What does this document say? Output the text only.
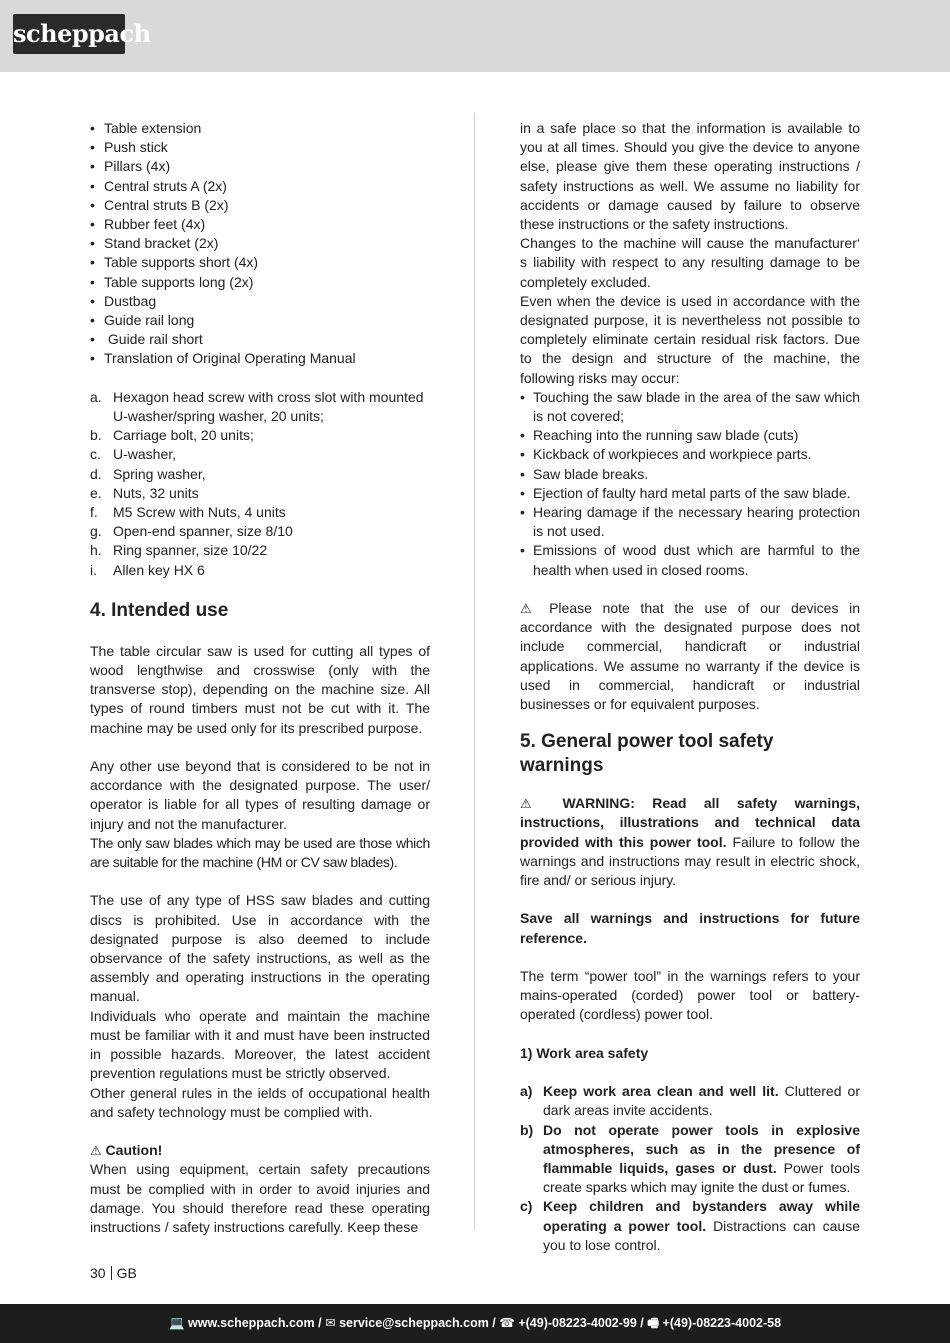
scheppach
• Table extension
• Push stick
• Pillars (4x)
• Central struts A (2x)
• Central struts B (2x)
• Rubber feet (4x)
• Stand bracket (2x)
• Table supports short (4x)
• Table supports long (2x)
• Dustbag
• Guide rail long
•  Guide rail short
• Translation of Original Operating Manual
a. Hexagon head screw with cross slot with mounted U-washer/spring washer, 20 units;
b. Carriage bolt, 20 units;
c. U-washer,
d. Spring washer,
e. Nuts, 32 units
f. M5 Screw with Nuts, 4 units
g. Open-end spanner, size 8/10
h. Ring spanner, size 10/22
i. Allen key HX 6
4. Intended use

The table circular saw is used for cutting all types of wood lengthwise and crosswise (only with the transverse stop), depending on the machine size. All types of round timbers must not be cut with it. The machine may be used only for its prescribed purpose.

Any other use beyond that is considered to be not in accordance with the designated purpose. The user/ operator is liable for all types of resulting damage or injury and not the manufacturer.

The only saw blades which may be used are those which are suitable for the machine (HM or CV saw blades).

The use of any type of HSS saw blades and cutting discs is prohibited. Use in accordance with the designated purpose is also deemed to include observance of the safety instructions, as well as the assembly and operating instructions in the operating manual.

Individuals who operate and maintain the machine must be familiar with it and must have been instructed in possible hazards. Moreover, the latest accident prevention regulations must be strictly observed.

Other general rules in the ields of occupational health and safety technology must be complied with.

⚠ Caution!

When using equipment, certain safety precautions must be complied with in order to avoid injuries and damage. You should therefore read these operating instructions / safety instructions carefully. Keep these

in a safe place so that the information is available to you at all times. Should you give the device to anyone else, please give them these operating instructions / safety instructions as well. We assume no liability for accidents or damage caused by failure to observe these instructions or the safety instructions.

Changes to the machine will cause the manufacturer‘ s liability with respect to any resulting damage to be completely excluded.

Even when the device is used in accordance with the designated purpose, it is nevertheless not possible to completely eliminate certain residual risk factors. Due to the design and structure of the machine, the following risks may occur:

• Touching the saw blade in the area of the saw which is not covered;
• Reaching into the running saw blade (cuts)
• Kickback of workpieces and workpiece parts.
• Saw blade breaks.
• Ejection of faulty hard metal parts of the saw blade.
• Hearing damage if the necessary hearing protection is not used.
• Emissions of wood dust which are harmful to the health when used in closed rooms.

⚠ Please note that the use of our devices in accordance with the designated purpose does not include commercial, handicraft or industrial applications. We assume no warranty if the device is used in commercial, handicraft or industrial businesses or for equivalent purposes.

5. General power tool safety warnings

⚠ WARNING: Read all safety warnings, instructions, illustrations and technical data provided with this power tool. Failure to follow the warnings and instructions may result in electric shock, fire and/ or serious injury.

Save all warnings and instructions for future reference.

The term “power tool” in the warnings refers to your mains-operated (corded) power tool or battery-operated (cordless) power tool.

1) Work area safety

a) Keep work area clean and well lit. Cluttered or dark areas invite accidents.
b) Do not operate power tools in explosive atmospheres, such as in the presence of flammable liquids, gases or dust. Power tools create sparks which may ignite the dust or fumes.
c) Keep children and bystanders away while operating a power tool. Distractions can cause you to lose control.
30 GB
💻 www.scheppach.com / ✉ service@scheppach.com / ☎ +(49)-08223-4002-99 / 🖷 +(49)-08223-4002-58
